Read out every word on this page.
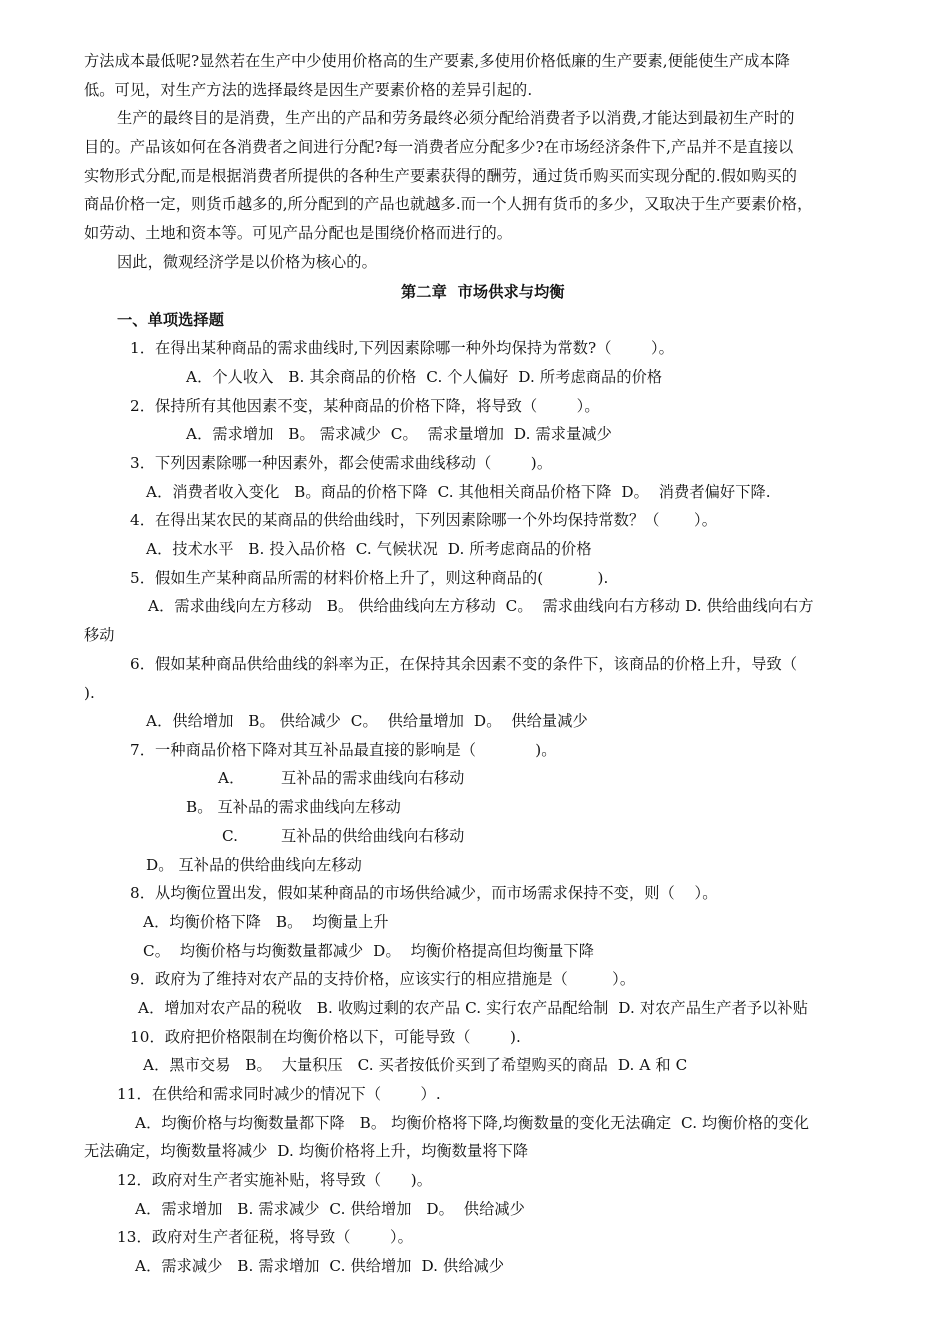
方法成本最低呢?显然若在生产中少使用价格高的生产要素,多使用价格低廉的生产要素,便能使生产成本降
低。可见，对生产方法的选择最终是因生产要素价格的差异引起的.
生产的最终目的是消费，生产出的产品和劳务最终必须分配给消费者予以消费,才能达到最初生产时的
目的。产品该如何在各消费者之间进行分配?每一消费者应分配多少?在市场经济条件下,产品并不是直接以
实物形式分配,而是根据消费者所提供的各种生产要素获得的酬劳，通过货币购买而实现分配的.假如购买的
商品价格一定，则货币越多的,所分配到的产品也就越多.而一个人拥有货币的多少，又取决于生产要素价格，
如劳动、土地和资本等。可见产品分配也是围绕价格而进行的。
因此，微观经济学是以价格为核心的。
第二章  市场供求与均衡
一、单项选择题
1．在得出某种商品的需求曲线时,下列因素除哪一种外均保持为常数?（        ）。
A．个人收入   B. 其余商品的价格  C. 个人偏好  D. 所考虑商品的价格
2．保持所有其他因素不变，某种商品的价格下降，将导致（        ）。
A．需求增加   B。 需求减少  C。  需求量增加  D. 需求量减少
3．下列因素除哪一种因素外，都会使需求曲线移动（        )。
A．消费者收入变化   B。商品的价格下降  C. 其他相关商品价格下降  D。  消费者偏好下降.
4．在得出某农民的某商品的供给曲线时，下列因素除哪一个外均保持常数？（       ）。
A．技术水平   B. 投入品价格  C. 气候状况  D. 所考虑商品的价格
5．假如生产某种商品所需的材料价格上升了，则这种商品的(           ).
A．需求曲线向左方移动   B。 供给曲线向左方移动  C。  需求曲线向右方移动 D. 供给曲线向右方
移动
6．假如某种商品供给曲线的斜率为正，在保持其余因素不变的条件下，该商品的价格上升，导致（
).
A．供给增加   B。 供给减少  C。  供给量增加  D。  供给量减少
7．一种商品价格下降对其互补品最直接的影响是（            )。
A． 互补品的需求曲线向右移动
B。 互补品的需求曲线向左移动
C.	互补品的供给曲线向右移动
D。 互补品的供给曲线向左移动
8．从均衡位置出发，假如某种商品的市场供给减少，而市场需求保持不变，则（    ）。
A．均衡价格下降   B。  均衡量上升
C。  均衡价格与均衡数量都减少  D。  均衡价格提高但均衡量下降
9．政府为了维持对农产品的支持价格，应该实行的相应措施是（         ）。
A．增加对农产品的税收   B. 收购过剩的农产品 C. 实行农产品配给制  D. 对农产品生产者予以补贴
10．政府把价格限制在均衡价格以下，可能导致（        ).
A．黑市交易   B。  大量积压   C. 买者按低价买到了希望购买的商品  D. A 和 C
11．在供给和需求同时减少的情况下（        ）.
A．均衡价格与均衡数量都下降   B。 均衡价格将下降,均衡数量的变化无法确定  C. 均衡价格的变化
无法确定，均衡数量将减少  D. 均衡价格将上升，均衡数量将下降
12．政府对生产者实施补贴，将导致（      )。
A．需求增加   B. 需求减少  C. 供给增加   D。  供给减少
13．政府对生产者征税，将导致（        ）。
A．需求减少   B. 需求增加  C. 供给增加  D. 供给减少
